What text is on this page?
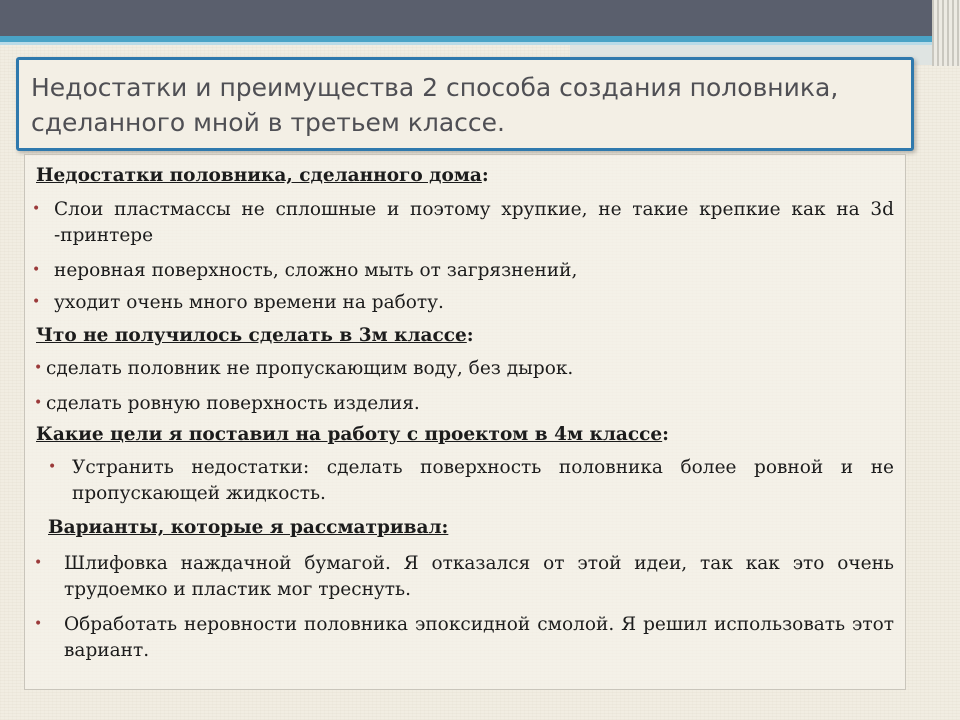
Недостатки и преимущества 2 способа создания половника, сделанного мной в третьем классе.

Недостатки половника, сделанного дома:

• Слои пластмассы не сплошные и поэтому хрупкие, не такие крепкие как на 3d -принтере

• неровная поверхность, сложно мыть от загрязнений,

• уходит очень много времени на работу.

Что не получилось сделать в 3м классе:

• сделать половник не пропускающим воду, без дырок.

• сделать ровную поверхность изделия.

Какие цели я поставил на работу с проектом в 4м классе:

• Устранить недостатки: сделать поверхность половника более ровной и не пропускающей жидкость.

Варианты, которые я рассматривал:

• Шлифовка наждачной бумагой. Я отказался от этой идеи, так как это очень трудоемко и пластик мог треснуть.

• Обработать неровности половника эпоксидной смолой. Я решил использовать этот вариант.
